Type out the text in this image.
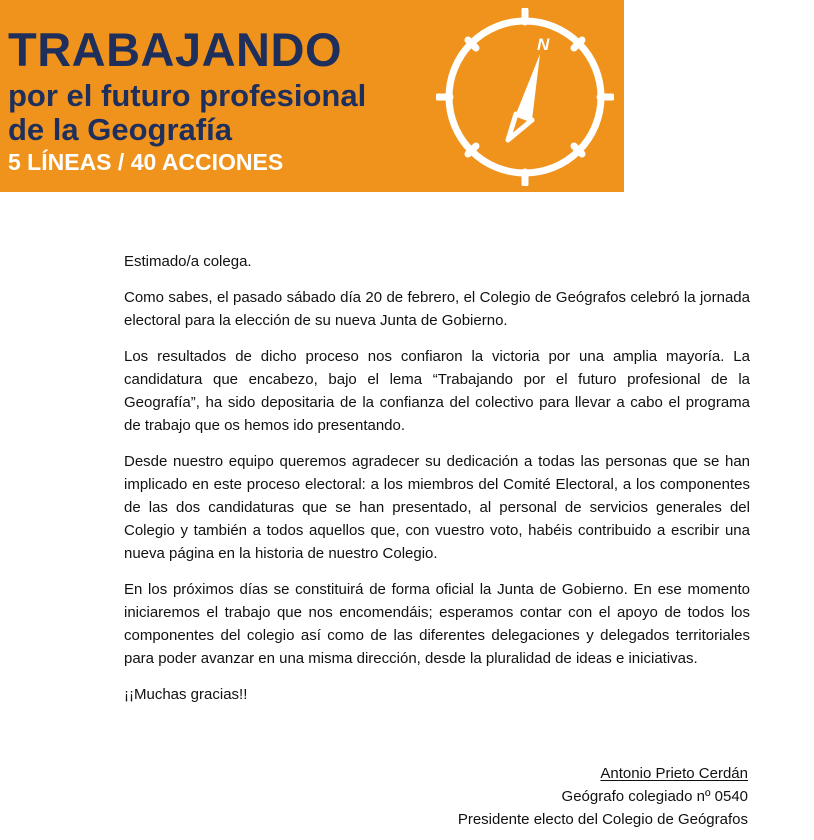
TRABAJANDO
por el futuro profesional
de la Geografía
5 LÍNEAS / 40 ACCIONES
N

Estimado/a colega.

Como sabes, el pasado sábado día 20 de febrero, el Colegio de Geógrafos celebró la jornada electoral para la elección de su nueva Junta de Gobierno.

Los resultados de dicho proceso nos confiaron la victoria por una amplia mayoría. La candidatura que encabezo, bajo el lema “Trabajando por el futuro profesional de la Geografía”, ha sido depositaria de la confianza del colectivo para llevar a cabo el programa de trabajo que os hemos ido presentando.

Desde nuestro equipo queremos agradecer su dedicación a todas las personas que se han implicado en este proceso electoral: a los miembros del Comité Electoral, a los componentes de las dos candidaturas que se han presentado, al personal de servicios generales del Colegio y también a todos aquellos que, con vuestro voto, habéis contribuido a escribir una nueva página en la historia de nuestro Colegio.

En los próximos días se constituirá de forma oficial la Junta de Gobierno. En ese momento iniciaremos el trabajo que nos encomendáis; esperamos contar con el apoyo de todos los componentes del colegio así como de las diferentes delegaciones y delegados territoriales para poder avanzar en una misma dirección, desde la pluralidad de ideas e iniciativas.

¡¡Muchas gracias!!

Antonio Prieto Cerdán
Geógrafo colegiado nº 0540
Presidente electo del Colegio de Geógrafos
